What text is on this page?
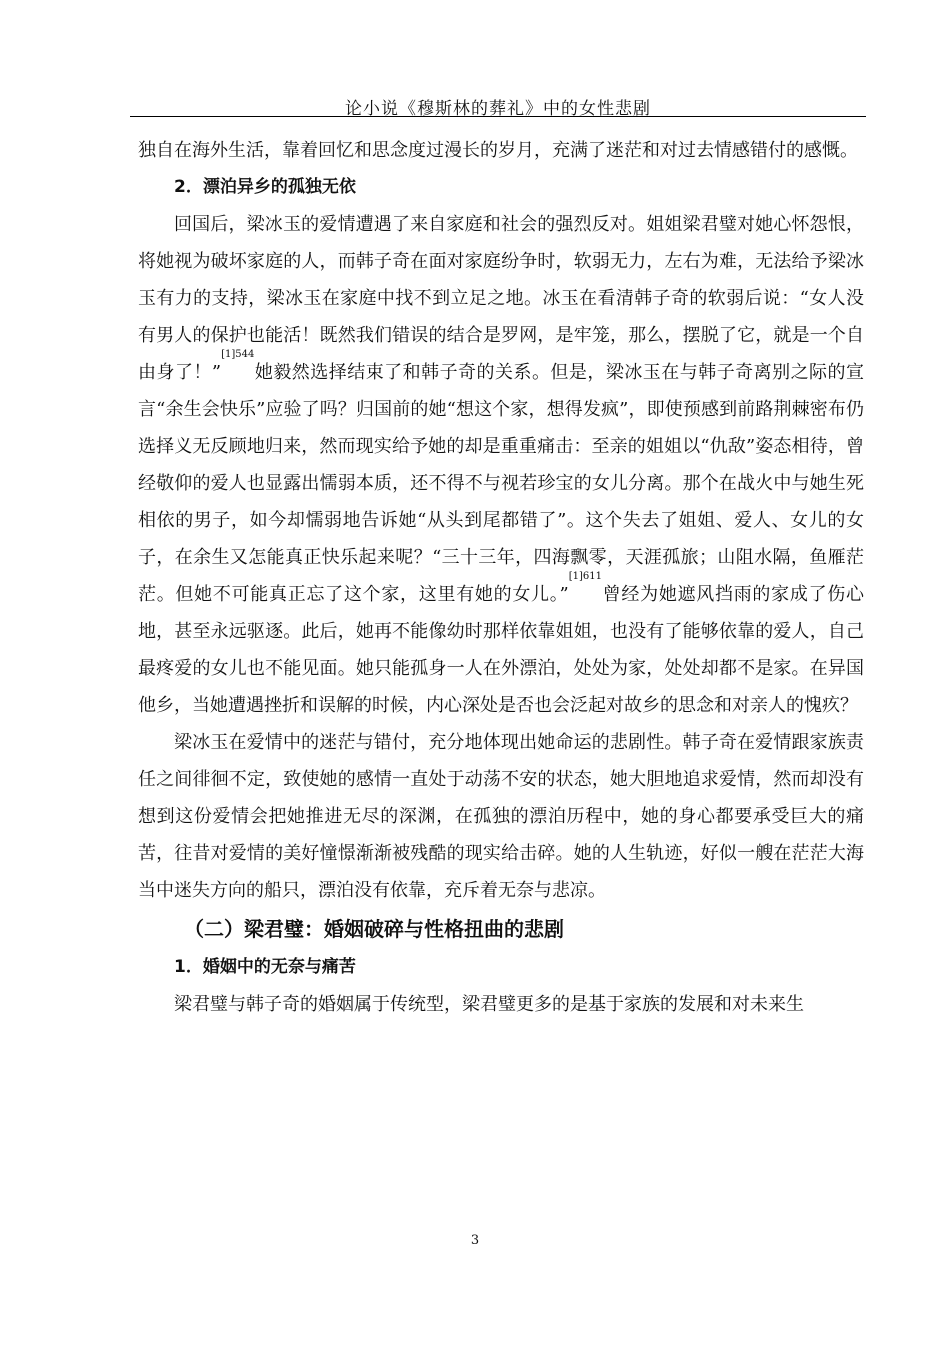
论小说《穆斯林的葬礼》中的女性悲剧

独自在海外生活，靠着回忆和思念度过漫长的岁月，充满了迷茫和对过去情感错付的感慨。

2．漂泊异乡的孤独无依

回国后，梁冰玉的爱情遭遇了来自家庭和社会的强烈反对。姐姐梁君璧对她心怀怨恨，将她视为破坏家庭的人，而韩子奇在面对家庭纷争时，软弱无力，左右为难，无法给予梁冰玉有力的支持，梁冰玉在家庭中找不到立足之地。冰玉在看清韩子奇的软弱后说：“女人没有男人的保护也能活！既然我们错误的结合是罗网，是牢笼，那么，摆脱了它，就是一个自由身了！”$^{[1]544}$她毅然选择结束了和韩子奇的关系。但是，梁冰玉在与韩子奇离别之际的宣言“余生会快乐”应验了吗？归国前的她“想这个家，想得发疯”，即使预感到前路荆棘密布仍选择义无反顾地归来，然而现实给予她的却是重重痛击：至亲的姐姐以“仇敌”姿态相待，曾经敬仰的爱人也显露出懦弱本质，还不得不与视若珍宝的女儿分离。那个在战火中与她生死相依的男子，如今却懦弱地告诉她“从头到尾都错了”。这个失去了姐姐、爱人、女儿的女子，在余生又怎能真正快乐起来呢？“三十三年，四海飘零，天涯孤旅；山阻水隔，鱼雁茫茫。但她不可能真正忘了这个家，这里有她的女儿。”$^{[1]611}$曾经为她遮风挡雨的家成了伤心地，甚至永远驱逐。此后，她再不能像幼时那样依靠姐姐，也没有了能够依靠的爱人，自己最疼爱的女儿也不能见面。她只能孤身一人在外漂泊，处处为家，处处却都不是家。在异国他乡，当她遭遇挫折和误解的时候，内心深处是否也会泛起对故乡的思念和对亲人的愧疚？

梁冰玉在爱情中的迷茫与错付，充分地体现出她命运的悲剧性。韩子奇在爱情跟家族责任之间徘徊不定，致使她的感情一直处于动荡不安的状态，她大胆地追求爱情，然而却没有想到这份爱情会把她推进无尽的深渊，在孤独的漂泊历程中，她的身心都要承受巨大的痛苦，往昔对爱情的美好憧憬渐渐被残酷的现实给击碎。她的人生轨迹，好似一艘在茫茫大海当中迷失方向的船只，漂泊没有依靠，充斥着无奈与悲凉。

（二）梁君璧：婚姻破碎与性格扭曲的悲剧

1．婚姻中的无奈与痛苦

梁君璧与韩子奇的婚姻属于传统型，梁君璧更多的是基于家族的发展和对未来生

3
